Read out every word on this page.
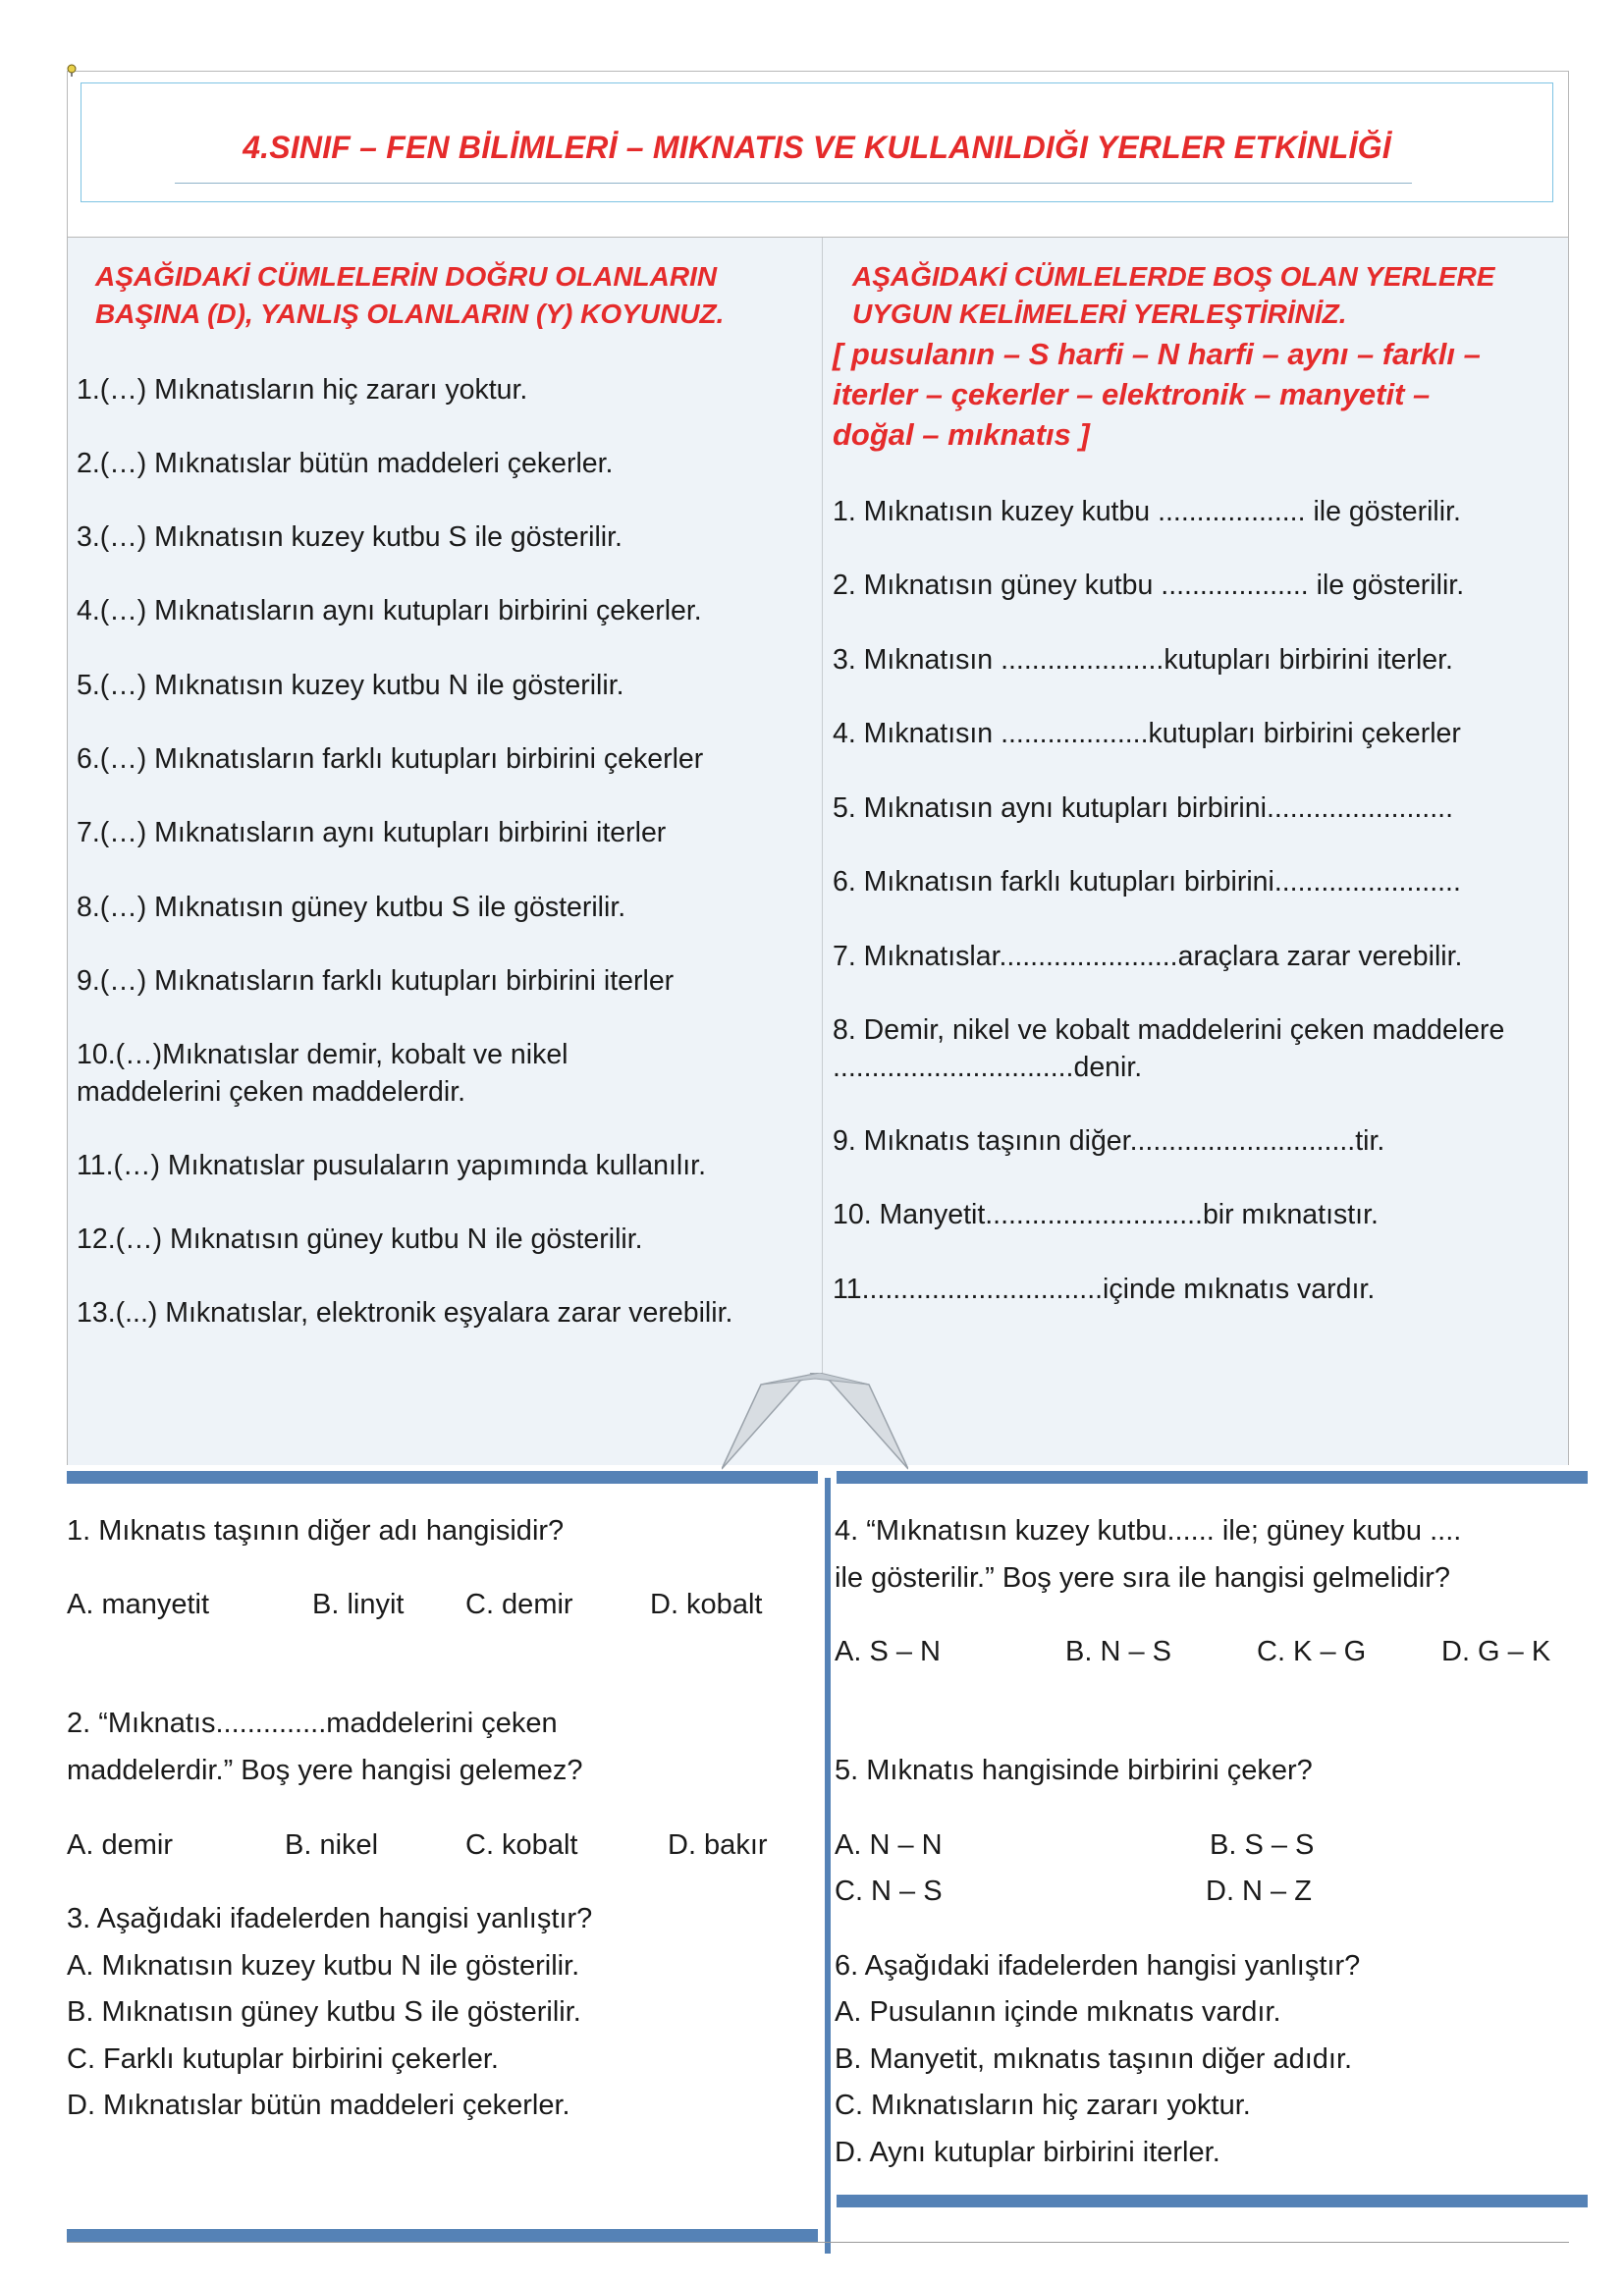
4.SINIF – FEN BİLİMLERİ – MIKNATIS VE KULLANILDIĞI YERLER ETKİNLİĞİ
AŞAĞIDAKİ CÜMLELERİN DOĞRU OLANLARIN
BAŞINA (D), YANLIŞ OLANLARIN (Y) KOYUNUZ.
1.(…) Mıknatısların hiç zararı yoktur.
2.(…) Mıknatıslar bütün maddeleri çekerler.
3.(…) Mıknatısın kuzey kutbu S ile gösterilir.
4.(…) Mıknatısların aynı kutupları birbirini çekerler.
5.(…) Mıknatısın kuzey kutbu N ile gösterilir.
6.(…) Mıknatısların farklı kutupları birbirini çekerler
7.(…) Mıknatısların aynı kutupları birbirini iterler
8.(…) Mıknatısın güney kutbu S ile gösterilir.
9.(…) Mıknatısların farklı kutupları birbirini iterler
10.(…)Mıknatıslar demir, kobalt ve nikel maddelerini çeken maddelerdir.
11.(…) Mıknatıslar pusulaların yapımında kullanılır.
12.(…) Mıknatısın güney kutbu N ile gösterilir.
13.(...) Mıknatıslar, elektronik eşyalara zarar verebilir.
AŞAĞIDAKİ CÜMLELERDE BOŞ OLAN YERLERE
UYGUN KELİMELERİ YERLEŞTİRİNİZ.
[ pusulanın – S harfi – N harfi – aynı – farklı –
iterler – çekerler – elektronik – manyetit –
doğal – mıknatıs ]
1. Mıknatısın kuzey kutbu ................... ile gösterilir.
2. Mıknatısın güney kutbu ................... ile gösterilir.
3. Mıknatısın .....................kutupları birbirini iterler.
4. Mıknatısın ...................kutupları birbirini çekerler
5. Mıknatısın aynı kutupları birbirini........................
6. Mıknatısın farklı kutupları birbirini........................
7. Mıknatıslar.......................araçlara zarar verebilir.
8. Demir, nikel ve kobalt maddelerini çeken maddelere ...............................denir.
9. Mıknatıs taşının diğer.............................tir.
10. Manyetit............................bir mıknatıstır.
11...............................içinde mıknatıs vardır.
1. Mıknatıs taşının diğer adı hangisidir?
A. manyetit	B. linyit C. demir	D. kobalt
2. “Mıknatıs..............maddelerini çeken
maddelerdir.” Boş yere hangisi gelemez?
A. demir	B. nikel	C. kobalt	D. bakır
3. Aşağıdaki ifadelerden hangisi yanlıştır?
A. Mıknatısın kuzey kutbu N ile gösterilir.
B. Mıknatısın güney kutbu S ile gösterilir.
C. Farklı kutuplar birbirini çekerler.
D. Mıknatıslar bütün maddeleri çekerler.
4. “Mıknatısın kuzey kutbu...... ile; güney kutbu ....
ile gösterilir.” Boş yere sıra ile hangisi gelmelidir?
A. S – N	B. N – S	C. K – G	D. G – K
5. Mıknatıs hangisinde birbirini çeker?
A. N – N	B. S – S
C. N – S	D. N – Z
6. Aşağıdaki ifadelerden hangisi yanlıştır?
A. Pusulanın içinde mıknatıs vardır.
B. Manyetit, mıknatıs taşının diğer adıdır.
C. Mıknatısların hiç zararı yoktur.
D. Aynı kutuplar birbirini iterler.
